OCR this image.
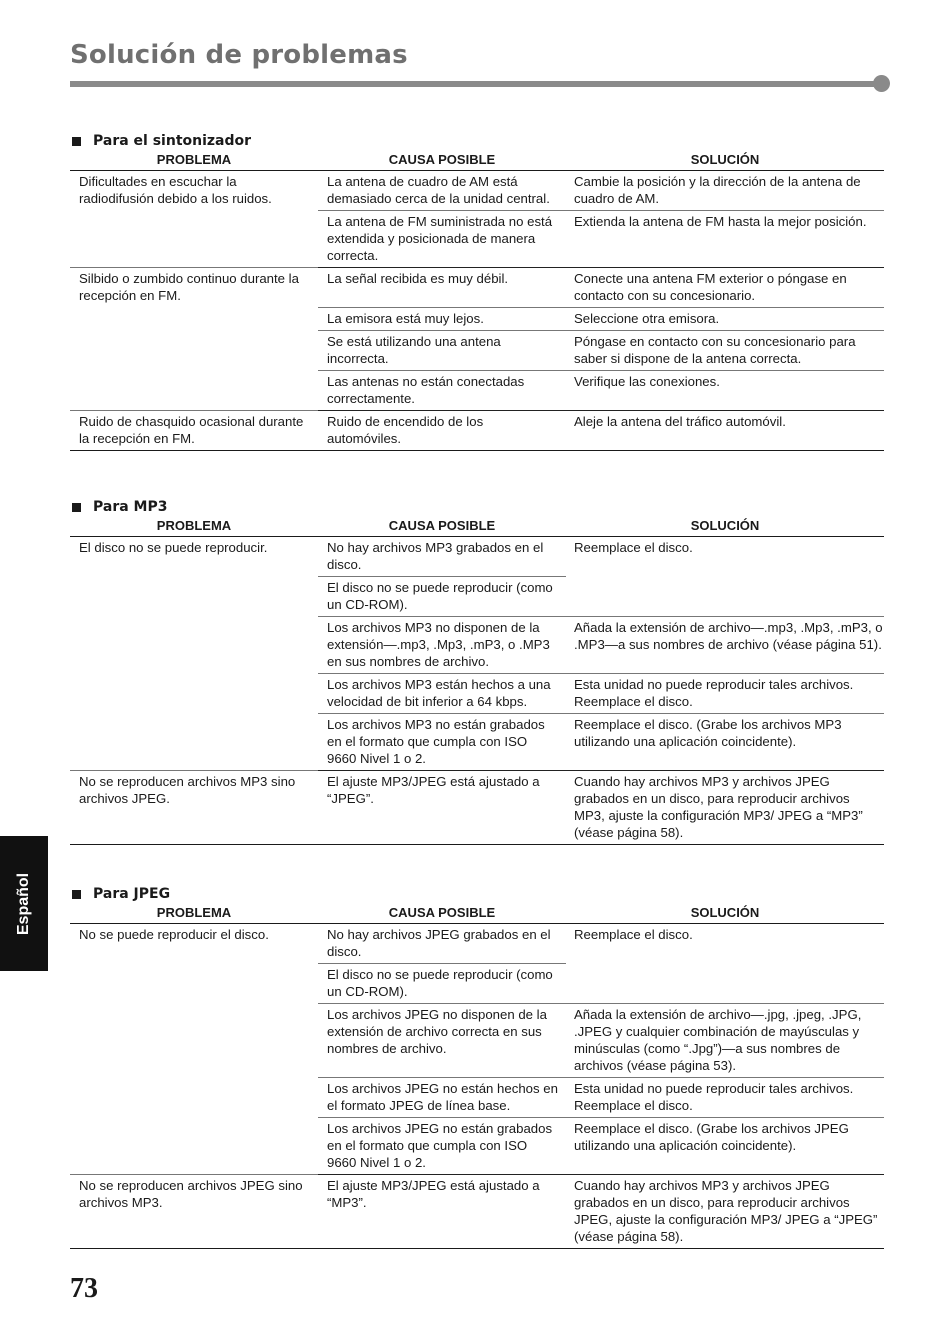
Solución de problemas
Para el sintonizador
PROBLEMA	CAUSA POSIBLE	SOLUCIÓN
Dificultades en escuchar la radiodifusión debido a los ruidos.	La antena de cuadro de AM está demasiado cerca de la unidad central.	Cambie la posición y la dirección de la antena de cuadro de AM.
	La antena de FM suministrada no está extendida y posicionada de manera correcta.	Extienda la antena de FM hasta la mejor posición.
Silbido o zumbido continuo durante la recepción en FM.	La señal recibida es muy débil.	Conecte una antena FM exterior o póngase en contacto con su concesionario.
	La emisora está muy lejos.	Seleccione otra emisora.
	Se está utilizando una antena incorrecta.	Póngase en contacto con su concesionario para saber si dispone de la antena correcta.
	Las antenas no están conectadas correctamente.	Verifique las conexiones.
Ruido de chasquido ocasional durante la recepción en FM.	Ruido de encendido de los automóviles.	Aleje la antena del tráfico automóvil.
Para MP3
PROBLEMA	CAUSA POSIBLE	SOLUCIÓN
El disco no se puede reproducir.	No hay archivos MP3 grabados en el disco.	Reemplace el disco.
	El disco no se puede reproducir (como un CD-ROM).	
	Los archivos MP3 no disponen de la extensión—.mp3, .Mp3, .mP3, o .MP3 en sus nombres de archivo.	Añada la extensión de archivo—.mp3, .Mp3, .mP3, o .MP3—a sus nombres de archivo (véase página 51).
	Los archivos MP3 están hechos a una velocidad de bit inferior a 64 kbps.	Esta unidad no puede reproducir tales archivos. Reemplace el disco.
	Los archivos MP3 no están grabados en el formato que cumpla con ISO 9660 Nivel 1 o 2.	Reemplace el disco. (Grabe los archivos MP3 utilizando una aplicación coincidente).
No se reproducen archivos MP3 sino archivos JPEG.	El ajuste MP3/JPEG está ajustado a “JPEG”.	Cuando hay archivos MP3 y archivos JPEG grabados en un disco, para reproducir archivos MP3, ajuste la configuración MP3/ JPEG a “MP3” (véase página 58).
Para JPEG
PROBLEMA	CAUSA POSIBLE	SOLUCIÓN
No se puede reproducir el disco.	No hay archivos JPEG grabados en el disco.	Reemplace el disco.
	El disco no se puede reproducir (como un CD-ROM).	
	Los archivos JPEG no disponen de la extensión de archivo correcta en sus nombres de archivo.	Añada la extensión de archivo—.jpg, .jpeg, .JPG, .JPEG y cualquier combinación de mayúsculas y minúsculas (como “.Jpg”)—a sus nombres de archivos (véase página 53).
	Los archivos JPEG no están hechos en el formato JPEG de línea base.	Esta unidad no puede reproducir tales archivos. Reemplace el disco.
	Los archivos JPEG no están grabados en el formato que cumpla con ISO 9660 Nivel 1 o 2.	Reemplace el disco. (Grabe los archivos JPEG utilizando una aplicación coincidente).
No se reproducen archivos JPEG sino archivos MP3.	El ajuste MP3/JPEG está ajustado a “MP3”.	Cuando hay archivos MP3 y archivos JPEG grabados en un disco, para reproducir archivos JPEG, ajuste la configuración MP3/ JPEG a “JPEG” (véase página 58).
Español
73
